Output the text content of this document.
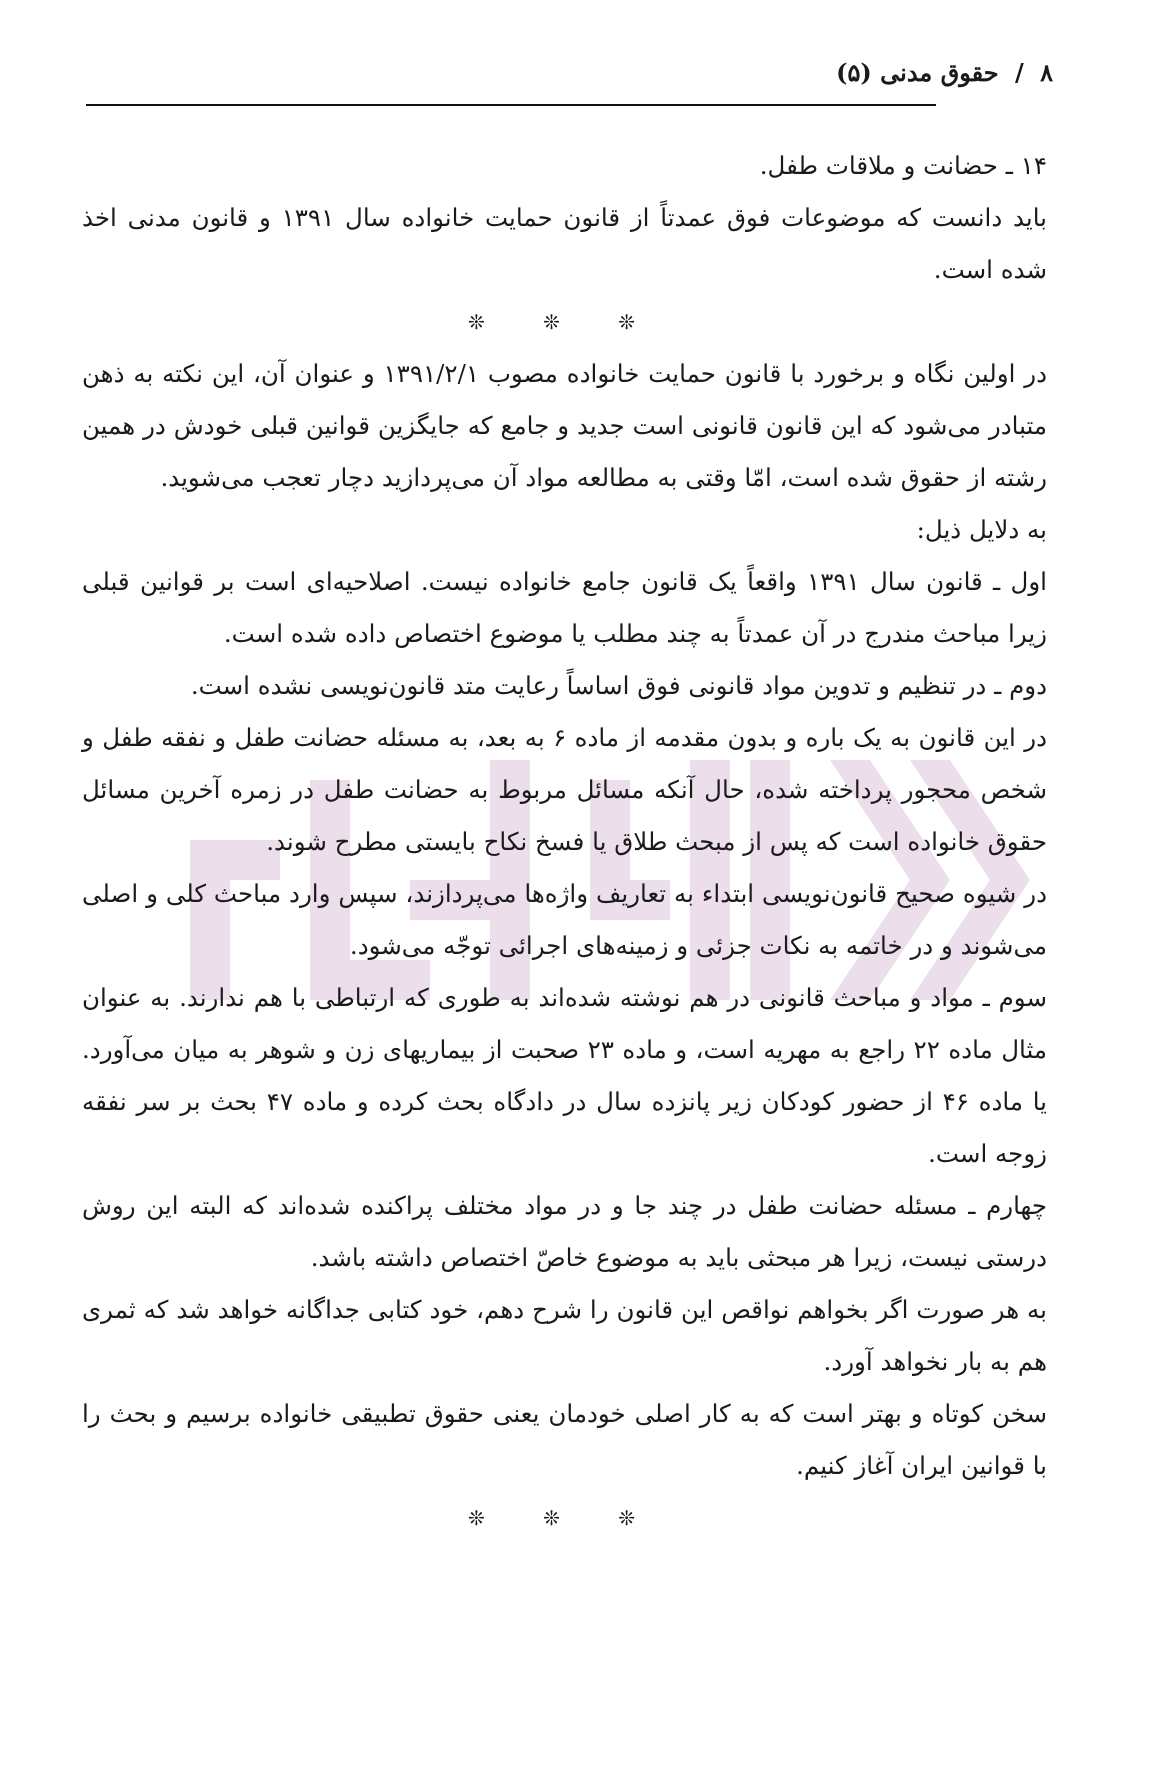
۸ / حقوق مدنی (۵)

۱۴ ـ حضانت و ملاقات طفل.

باید دانست که موضوعات فوق عمدتاً از قانون حمایت خانواده سال ۱۳۹۱ و قانون مدنی اخذ شده است.

❊ ❊ ❊

در اولین نگاه و برخورد با قانون حمایت خانواده مصوب ۱۳۹۱/۲/۱ و عنوان آن، این نکته به ذهن متبادر می‌شود که این قانون قانونی است جدید و جامع که جایگزین قوانین قبلی خودش در همین رشته از حقوق شده است، امّا وقتی به مطالعه مواد آن می‌پردازید دچار تعجب می‌شوید.

به دلایل ذیل:

اول ـ قانون سال ۱۳۹۱ واقعاً یک قانون جامع خانواده نیست. اصلاحیه‌ای است بر قوانین قبلی زیرا مباحث مندرج در آن عمدتاً به چند مطلب یا موضوع اختصاص داده شده است.

دوم ـ در تنظیم و تدوین مواد قانونی فوق اساساً رعایت متد قانون‌نویسی نشده است.

در این قانون به یک باره و بدون مقدمه از ماده ۶ به بعد، به مسئله حضانت طفل و نفقه طفل و شخص محجور پرداخته شده، حال آنکه مسائل مربوط به حضانت طفل در زمره آخرین مسائل حقوق خانواده است که پس از مبحث طلاق یا فسخ نکاح بایستی مطرح شوند.

در شیوه صحیح قانون‌نویسی ابتداء به تعاریف واژه‌ها می‌پردازند، سپس وارد مباحث کلی و اصلی می‌شوند و در خاتمه به نکات جزئی و زمینه‌های اجرائی توجّه می‌شود.

سوم ـ مواد و مباحث قانونی در هم نوشته شده‌اند به طوری که ارتباطی با هم ندارند. به عنوان مثال ماده ۲۲ راجع به مهریه است، و ماده ۲۳ صحبت از بیماریهای زن و شوهر به میان می‌آورد. یا ماده ۴۶ از حضور کودکان زیر پانزده سال در دادگاه بحث کرده و ماده ۴۷ بحث بر سر نفقه زوجه است.

چهارم ـ مسئله حضانت طفل در چند جا و در مواد مختلف پراکنده شده‌اند که البته این روش درستی نیست، زیرا هر مبحثی باید به موضوع خاصّ اختصاص داشته باشد.

به هر صورت اگر بخواهم نواقص این قانون را شرح دهم، خود کتابی جداگانه خواهد شد که ثمری هم به بار نخواهد آورد.

سخن کوتاه و بهتر است که به کار اصلی خودمان یعنی حقوق تطبیقی خانواده برسیم و بحث را با قوانین ایران آغاز کنیم.

❊ ❊ ❊
